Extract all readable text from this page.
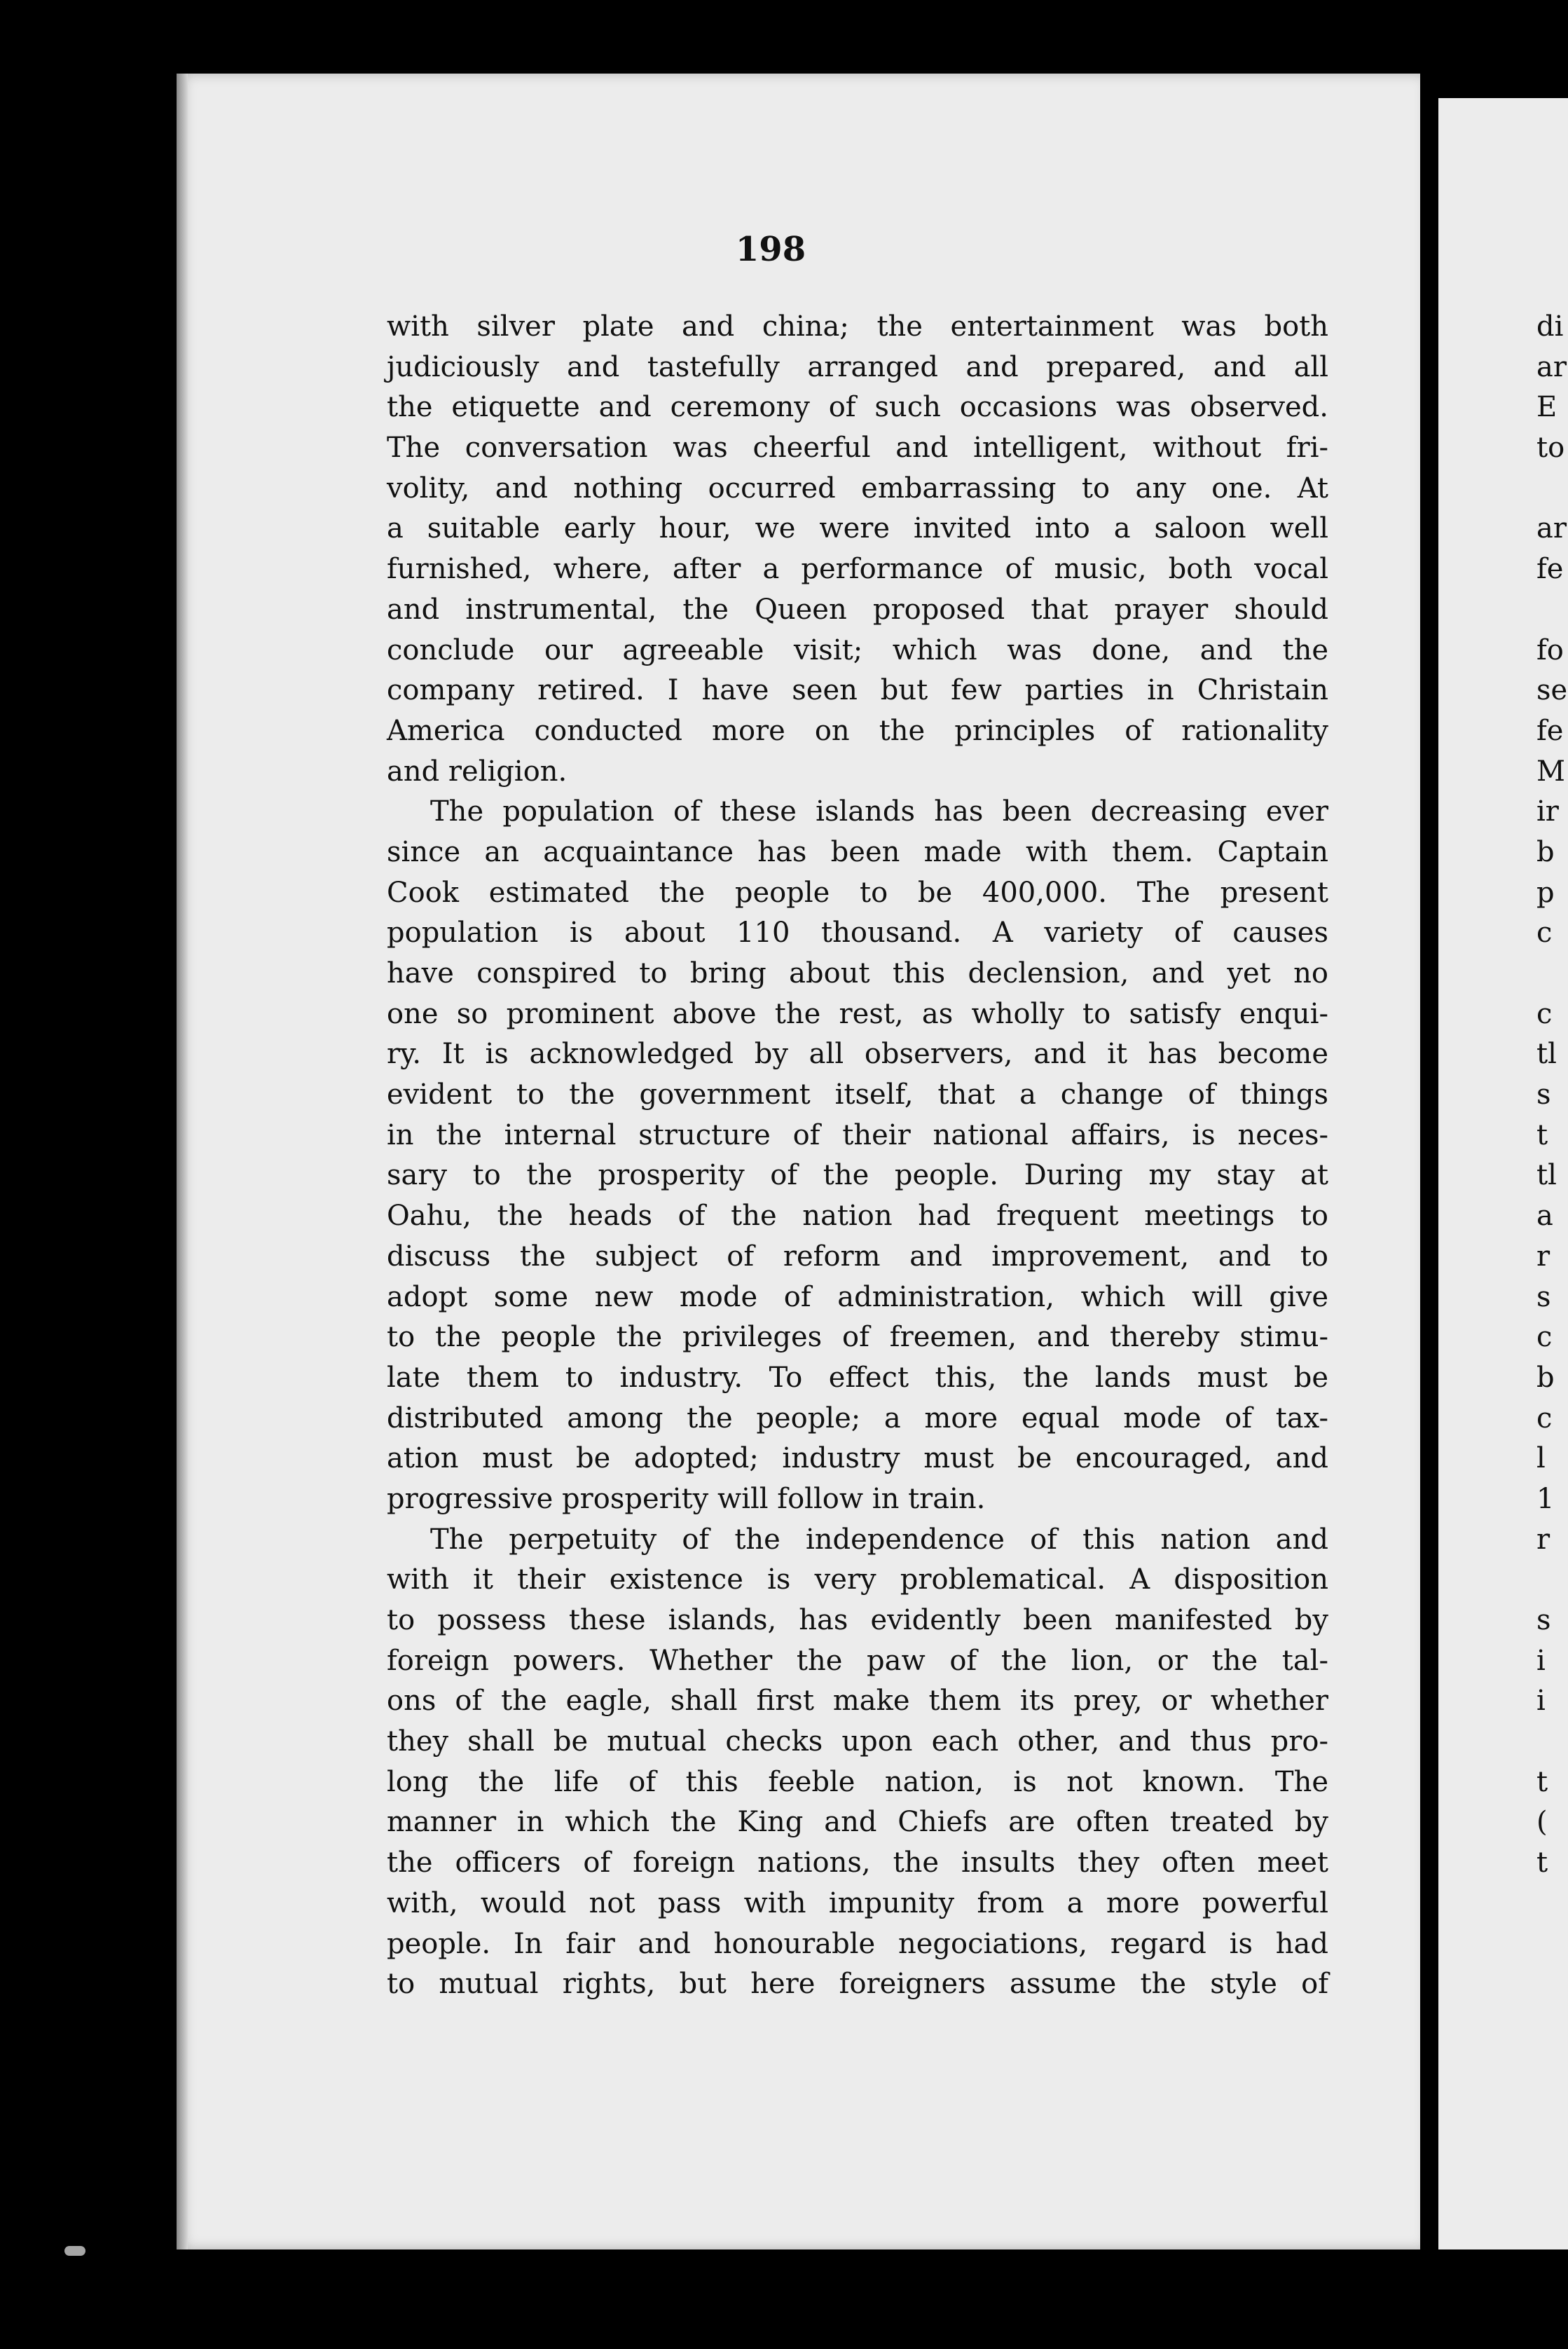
198
with silver plate and china; the entertainment was both
judiciously and tastefully arranged and prepared, and all
the etiquette and ceremony of such occasions was observed.
The conversation was cheerful and intelligent, without fri-
volity, and nothing occurred embarrassing to any one. At
a suitable early hour, we were invited into a saloon well
furnished, where, after a performance of music, both vocal
and instrumental, the Queen proposed that prayer should
conclude our agreeable visit; which was done, and the
company retired. I have seen but few parties in Christain
America conducted more on the principles of rationality
and religion.
The population of these islands has been decreasing ever
since an acquaintance has been made with them. Captain
Cook estimated the people to be 400,000. The present
population is about 110 thousand. A variety of causes
have conspired to bring about this declension, and yet no
one so prominent above the rest, as wholly to satisfy enqui-
ry. It is acknowledged by all observers, and it has become
evident to the government itself, that a change of things
in the internal structure of their national affairs, is neces-
sary to the prosperity of the people. During my stay at
Oahu, the heads of the nation had frequent meetings to
discuss the subject of reform and improvement, and to
adopt some new mode of administration, which will give
to the people the privileges of freemen, and thereby stimu-
late them to industry. To effect this, the lands must be
distributed among the people; a more equal mode of tax-
ation must be adopted; industry must be encouraged, and
progressive prosperity will follow in train.
The perpetuity of the independence of this nation and
with it their existence is very problematical. A disposition
to possess these islands, has evidently been manifested by
foreign powers. Whether the paw of the lion, or the tal-
ons of the eagle, shall first make them its prey, or whether
they shall be mutual checks upon each other, and thus pro-
long the life of this feeble nation, is not known. The
manner in which the King and Chiefs are often treated by
the officers of foreign nations, the insults they often meet
with, would not pass with impunity from a more powerful
people. In fair and honourable negociations, regard is had
to mutual rights, but here foreigners assume the style of
di
ar
E
to
ar
fe
fo
se
fe
M
ir
b
p
c
c
tl
s
t
tl
a
r
s
c
b
c
l
1
r
s
i
i
t
(
t
